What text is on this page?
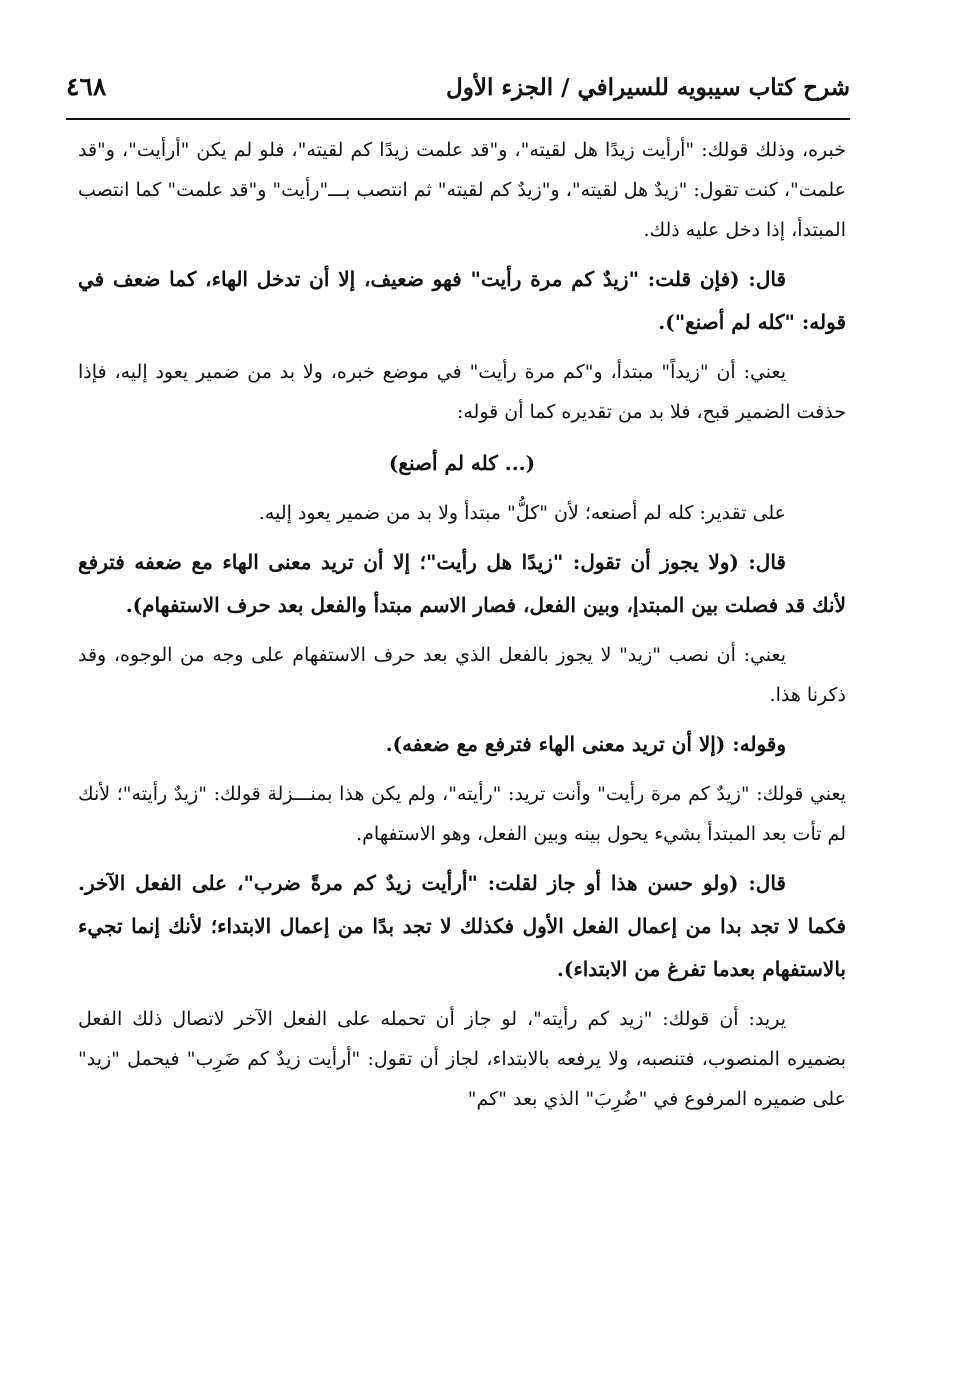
شرح كتاب سيبويه للسيرافي / الجزء الأول
٤٦٨

خبره، وذلك قولك: "أرأيت زيدًا هل لقيته"، و"قد علمت زيدًا كم لقيته"، فلو لم يكن "أرأيت"، و"قد علمت"، كنت تقول: "زيدٌ هل لقيته"، و"زيدٌ كم لقيته" ثم انتصب بـــ"رأيت" و"قد علمت" كما انتصب المبتدأ، إذا دخل عليه ذلك.

قال: (فإن قلت: "زيدٌ كم مرة رأيت" فهو ضعيف، إلا أن تدخل الهاء، كما ضعف في قوله: "كله لم أصنع").

يعني: أن "زيداً" مبتدأ، و"كم مرة رأيت" في موضع خبره، ولا بد من ضمير يعود إليه، فإذا حذفت الضمير قبح، فلا بد من تقديره كما أن قوله:

(... كله لم أصنع)

على تقدير: كله لم أصنعه؛ لأن "كلُّ" مبتدأ ولا بد من ضمير يعود إليه.

قال: (ولا يجوز أن تقول: "زيدًا هل رأيت"؛ إلا أن تريد معنى الهاء مع ضعفه فترفع لأنك قد فصلت بين المبتدإ، وبين الفعل، فصار الاسم مبتدأ والفعل بعد حرف الاستفهام).

يعني: أن نصب "زيد" لا يجوز بالفعل الذي بعد حرف الاستفهام على وجه من الوجوه، وقد ذكرنا هذا.

وقوله: (إلا أن تريد معنى الهاء فترفع مع ضعفه).

يعني قولك: "زيدٌ كم مرة رأيت" وأنت تريد: "رأيته"، ولم يكن هذا بمنـــزلة قولك: "زيدٌ رأيته"؛ لأنك لم تأت بعد المبتدأ بشيء يحول بينه وبين الفعل، وهو الاستفهام.

قال: (ولو حسن هذا أو جاز لقلت: "أرأيت زيدٌ كم مرةً ضرب"، على الفعل الآخر. فكما لا تجد بدا من إعمال الفعل الأول فكذلك لا تجد بدًا من إعمال الابتداء؛ لأنك إنما تجيء بالاستفهام بعدما تفرغ من الابتداء).

يريد: أن قولك: "زيد كم رأيته"، لو جاز أن تحمله على الفعل الآخر لاتصال ذلك الفعل بضميره المنصوب، فتنصبه، ولا يرفعه بالابتداء، لجاز أن تقول: "أرأيت زيدٌ كم ضَرِب" فيحمل "زيد" على ضميره المرفوع في "ضُرِبَ" الذي بعد "كم"
